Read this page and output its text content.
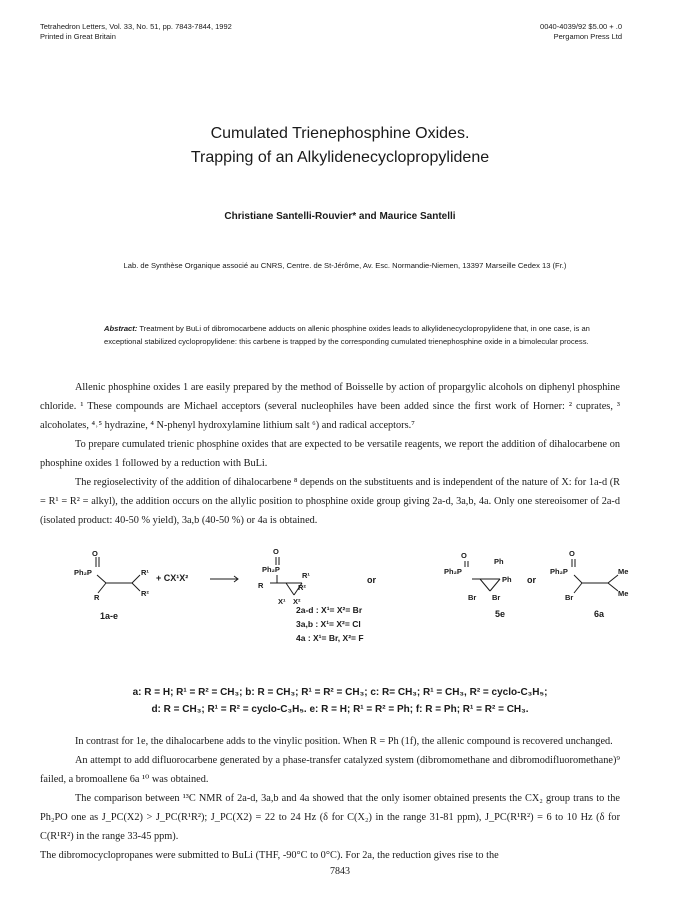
Tetrahedron Letters, Vol. 33, No. 51, pp. 7843-7844, 1992
Printed in Great Britain
0040-4039/92 $5.00 + .0
Pergamon Press Ltd
Cumulated Trienephosphine Oxides.
Trapping of an Alkylidenecyclopropylidene
Christiane Santelli-Rouvier* and Maurice Santelli
Lab. de Synthèse Organique associé au CNRS, Centre. de St-Jérôme, Av. Esc. Normandie-Niemen, 13397 Marseille Cedex 13 (Fr.)
Abstract: Treatment by BuLi of dibromocarbene adducts on allenic phosphine oxides leads to alkylidenecyclopropylidene that, in one case, is an exceptional stabilized cyclopropylidene: this carbene is trapped by the corresponding cumulated trienephosphine oxide in a bimolecular process.

Allenic phosphine oxides 1 are easily prepared by the method of Boisselle by action of propargylic alcohols on diphenyl phosphine chloride. ¹ These compounds are Michael acceptors (several nucleophiles have been added since the first work of Horner: ² cuprates, ³ alcoholates, ⁴˒⁵ hydrazine, ⁴ N-phenyl hydroxylamine lithium salt ⁶) and radical acceptors.⁷

To prepare cumulated trienic phosphine oxides that are expected to be versatile reagents, we report the addition of dihalocarbene on phosphine oxides 1 followed by a reduction with BuLi.

The regioselectivity of the addition of dihalocarbene ⁸ depends on the substituents and is independent of the nature of X: for 1a-d (R = R¹ = R² = alkyl), the addition occurs on the allylic position to phosphine oxide group giving 2a-d, 3a,b, 4a. Only one stereoisomer of 2a-d (isolated product: 40-50 % yield), 3a,b (40-50 %) or 4a is obtained.

O
Ph₂P	R¹
R²
R
1a-e
+ CX¹X²
O
Ph₂P
R¹
R²
R
X¹ X²
2a-d : X¹= X²= Br
3a,b : X¹= X²= Cl
4a : X¹= Br, X²= F
or
O
Ph₂P
Ph
Ph
Br Br
5e
or
O
Ph₂P	Me
Me
Br
6a
a: R = H; R¹ = R² = CH₃; b: R = CH₃; R¹ = R² = CH₃; c: R= CH₃; R¹ = CH₃, R² = cyclo-C₃H₅;
d: R = CH₃; R¹ = R² = cyclo-C₃H₅. e: R = H; R¹ = R² = Ph; f: R = Ph; R¹ = R² = CH₃.

In contrast for 1e, the dihalocarbene adds to the vinylic position. When R = Ph (1f), the allenic compound is recovered unchanged.

An attempt to add difluorocarbene generated by a phase-transfer catalyzed system (dibromomethane and dibromodifluoromethane)⁹ failed, a bromoallene 6a ¹⁰ was obtained.

The comparison between ¹³C NMR of 2a-d, 3a,b and 4a showed that the only isomer obtained presents the CX₂ group trans to the Ph₂PO one as J_PC(X2) > J_PC(R¹R²); J_PC(X2) = 22 to 24 Hz (δ for C(X₂) in the range 31-81 ppm), J_PC(R¹R²) = 6 to 10 Hz (δ for C(R¹R²) in the range 33-45 ppm).

The dibromocyclopropanes were submitted to BuLi (THF, -90°C to 0°C). For 2a, the reduction gives rise to the

7843
